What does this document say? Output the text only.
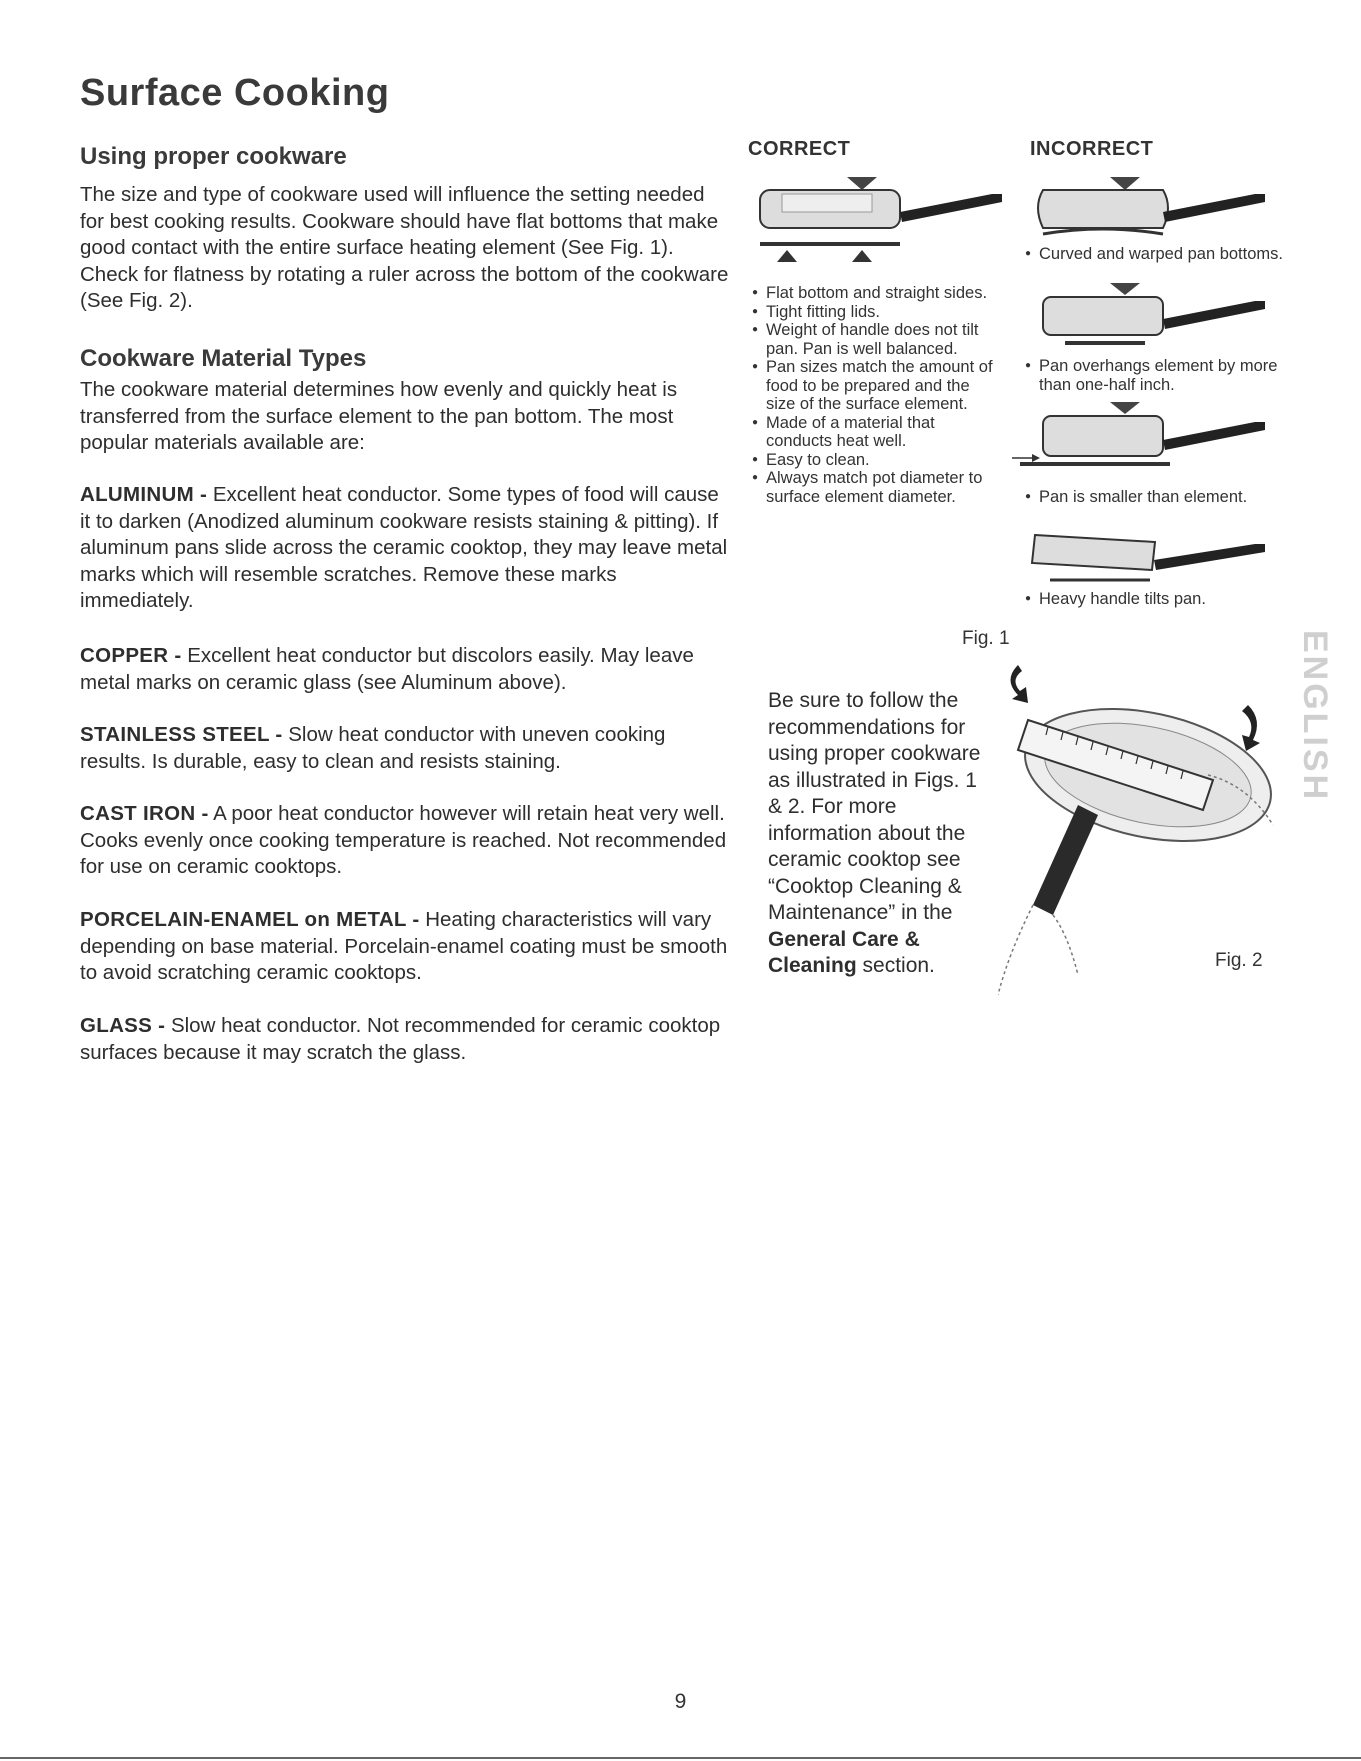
Surface Cooking
Using proper cookware

The size and type of cookware used will influence the setting needed for best cooking results. Cookware should have flat bottoms that make good contact with the entire surface heating element (See Fig. 1). Check for flatness by rotating a ruler across the bottom of the cookware (See Fig. 2).

Cookware Material Types

The cookware material determines how evenly and quickly heat is transferred from the surface element to the pan bottom. The most popular materials available are:

ALUMINUM - Excellent heat conductor. Some types of food will cause it to darken (Anodized aluminum cookware resists staining & pitting). If aluminum pans slide across the ceramic cooktop, they may leave metal marks which will resemble scratches. Remove these marks immediately.

COPPER - Excellent heat conductor but discolors easily. May leave metal marks on ceramic glass (see Aluminum above).

STAINLESS STEEL - Slow heat conductor with uneven cooking results. Is durable, easy to clean and resists staining.

CAST IRON - A poor heat conductor however will retain heat very well. Cooks evenly once cooking temperature is reached. Not recommended for use on ceramic cooktops.

PORCELAIN-ENAMEL on METAL - Heating characteristics will vary depending on base material. Porcelain-enamel coating must be smooth to avoid scratching ceramic cooktops.

GLASS - Slow heat conductor. Not recommended for ceramic cooktop surfaces because it may scratch the glass.

CORRECT	INCORRECT
● Flat bottom and straight sides.
● Tight fitting lids.
● Weight of handle does not tilt pan. Pan is well balanced.
● Pan sizes match the amount of food to be prepared and the size of the surface element.
● Made of a material that conducts heat well.
● Easy to clean.
● Always match pot diameter to surface element diameter.
● Curved and warped pan bottoms.
● Pan overhangs element by more than one-half inch.
● Pan is smaller than element.
● Heavy handle tilts pan.
Fig. 1
Be sure to follow the recommendations for using proper cookware as illustrated in Figs. 1 & 2. For more information about the ceramic cooktop see “Cooktop Cleaning & Maintenance” in the General Care & Cleaning section.	Fig. 2
ENGLISH
9
